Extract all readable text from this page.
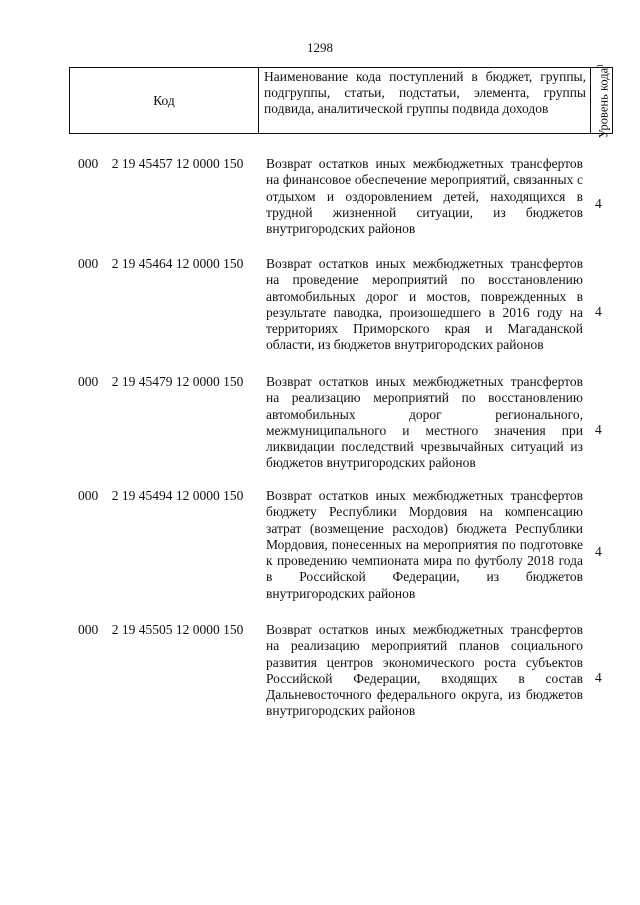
1298
Код
Наименование кода поступлений в бюджет, группы, подгруппы, статьи, подстатьи, элемента, группы подвида, аналитической группы подвида доходов	Уровень кода$^1$
000 2 19 45457 12 0000 150 Возврат остатков иных межбюджетных трансфертов на финансовое обеспечение мероприятий, связанных с отдыхом и оздоровлением детей, находящихся в трудной жизненной ситуации, из бюджетов внутригородских районов
4
000 2 19 45464 12 0000 150 Возврат остатков иных межбюджетных трансфертов на проведение мероприятий по восстановлению автомобильных дорог и мостов, поврежденных в результате паводка, произошедшего в 2016 году на территориях Приморского края и Магаданской области, из бюджетов внутригородских районов
4
000 2 19 45479 12 0000 150 Возврат остатков иных межбюджетных трансфертов на реализацию мероприятий по восстановлению автомобильных дорог регионального, межмуниципального и местного значения при ликвидации последствий чрезвычайных ситуаций из бюджетов внутригородских районов
4
000 2 19 45494 12 0000 150 Возврат остатков иных межбюджетных трансфертов бюджету Республики Мордовия на компенсацию затрат (возмещение расходов) бюджета Республики Мордовия, понесенных на мероприятия по подготовке к проведению чемпионата мира по футболу 2018 года в Российской Федерации, из бюджетов внутригородских районов
4
000 2 19 45505 12 0000 150 Возврат остатков иных межбюджетных трансфертов на реализацию мероприятий планов социального развития центров экономического роста субъектов Российской Федерации, входящих в состав Дальневосточного федерального округа, из бюджетов внутригородских районов
4
